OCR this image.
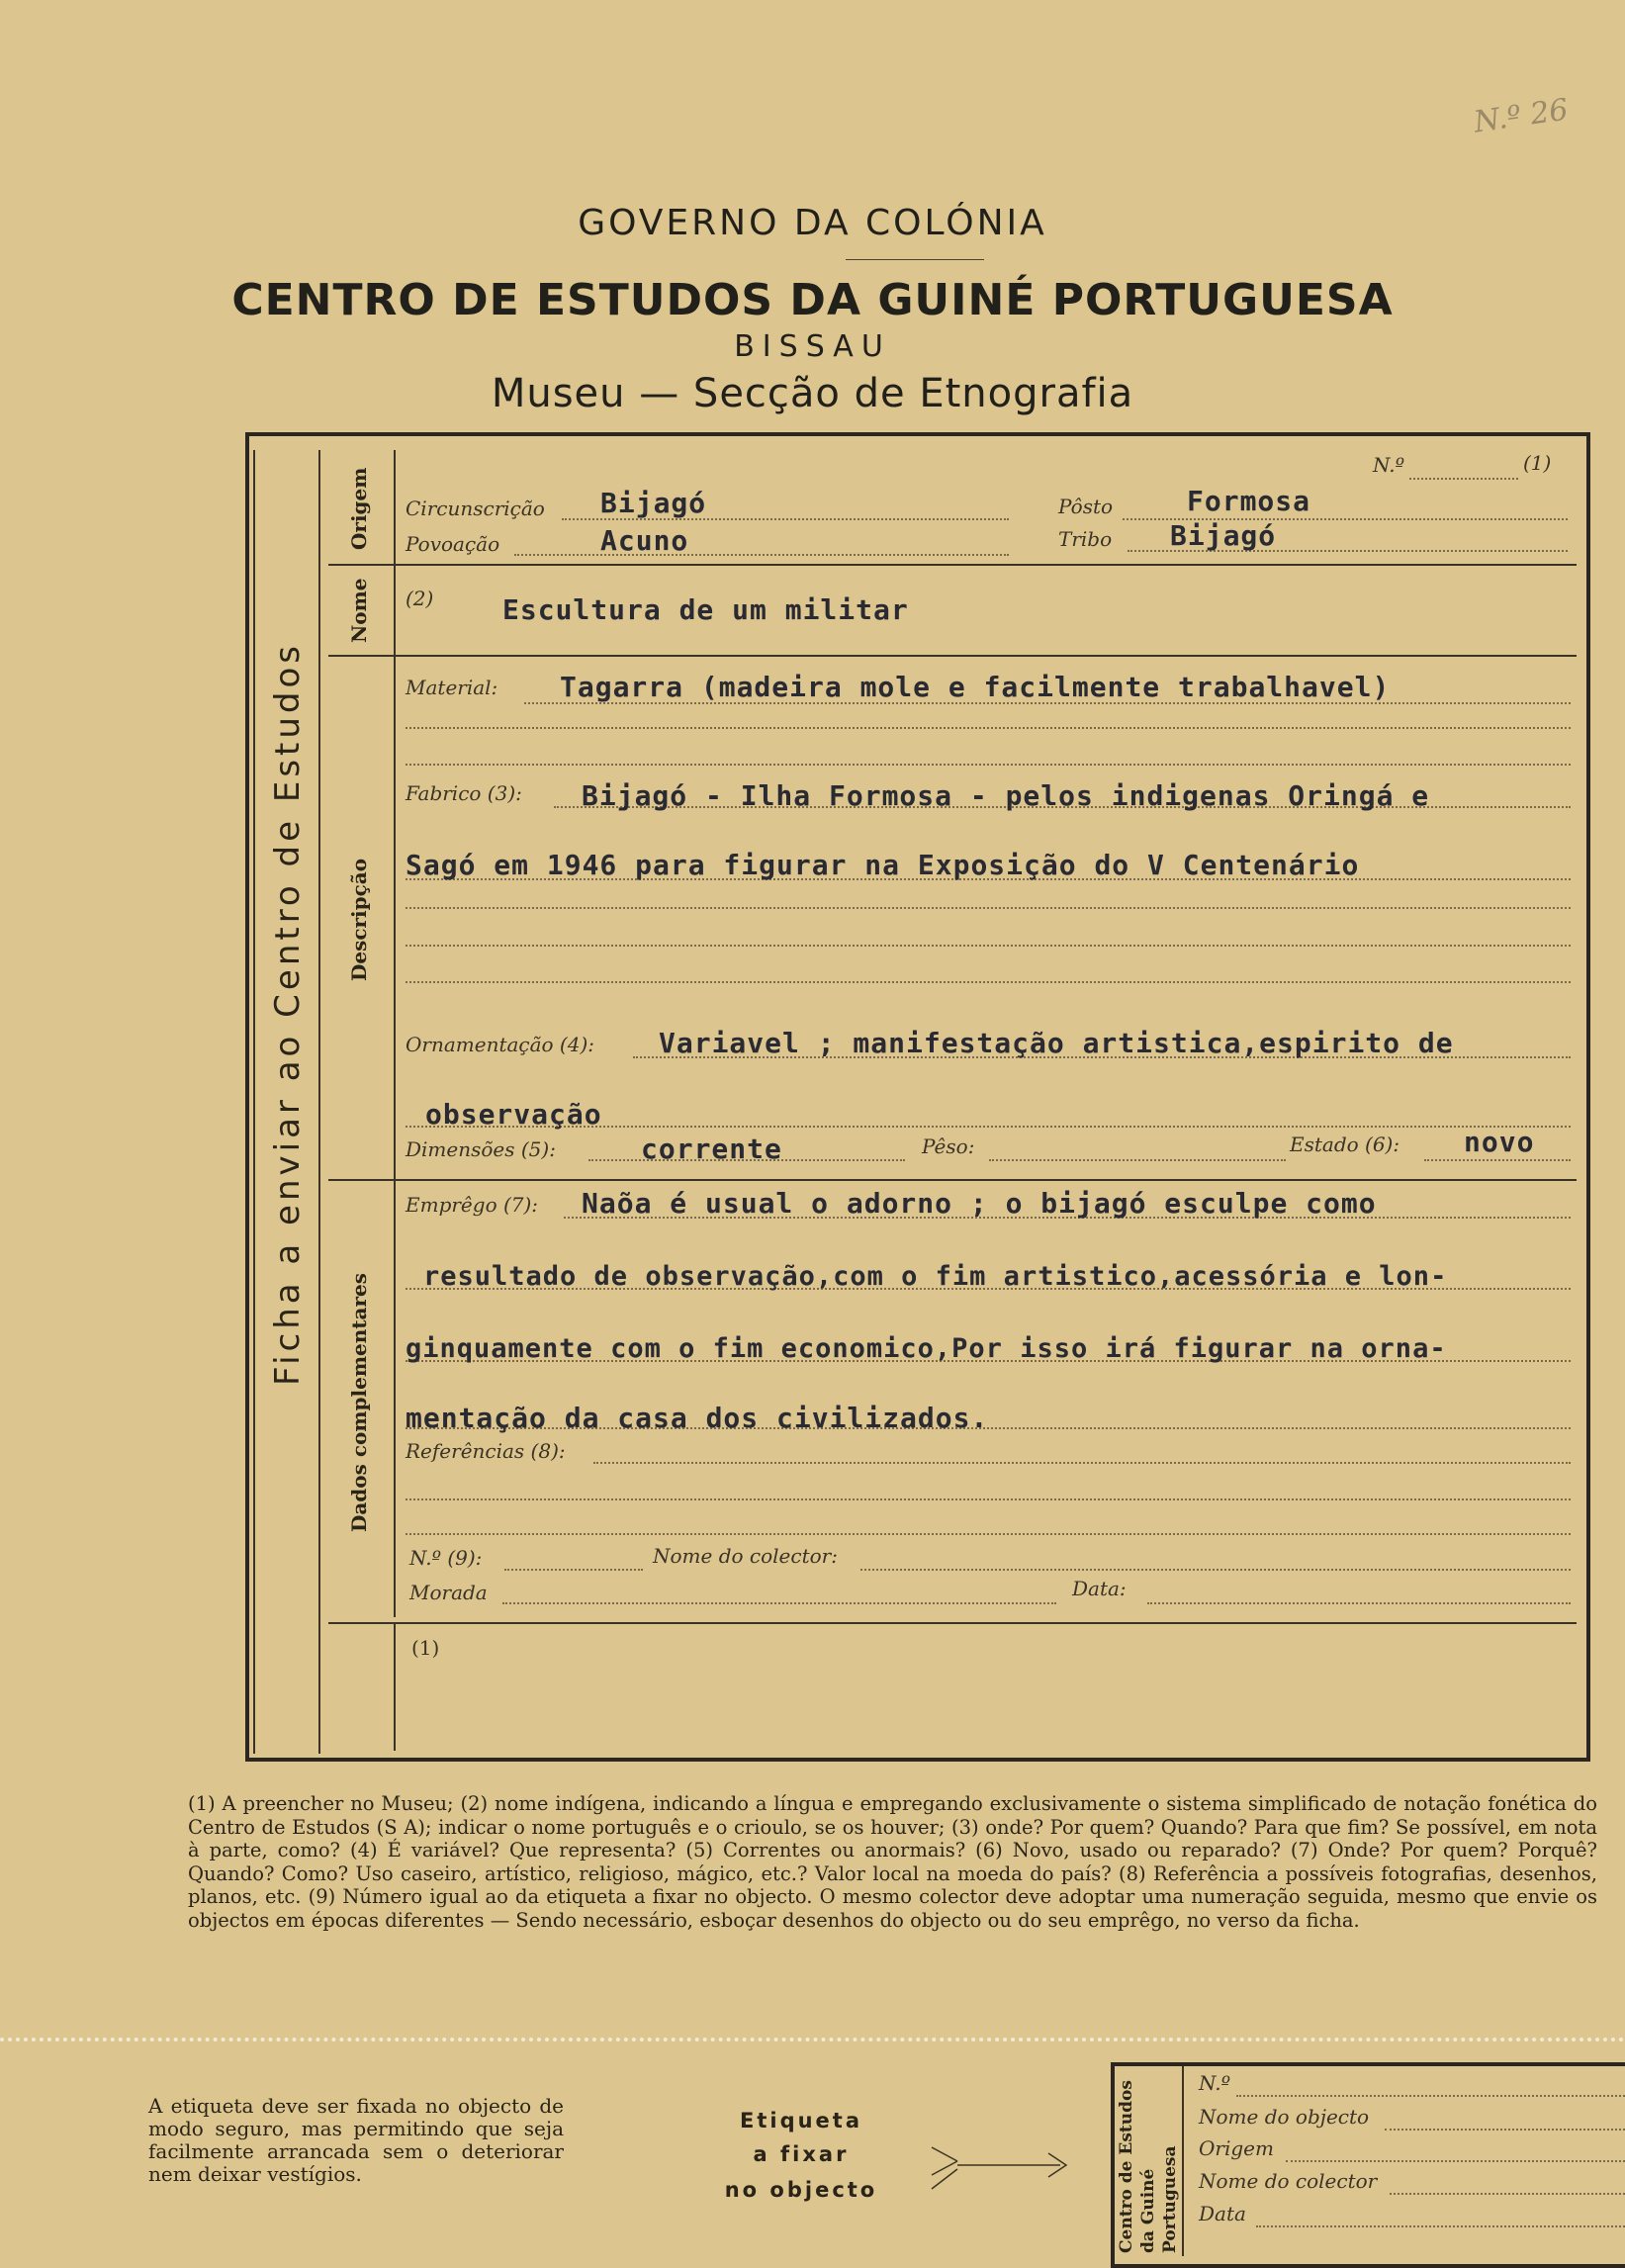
N.º 26
GOVERNO DA COLÓNIA
CENTRO DE ESTUDOS DA GUINÉ PORTUGUESA
BISSAU
Museu — Secção de Etnografia
Ficha a enviar ao Centro de Estudos
Origem
Nome
Descripção
Dados complementares
N.º	(1)
Circunscrição Bijagó	Pôsto	Formosa
Povoação	Acuno	Tribo Bijagó
(2) Escultura de um militar
Material: Tagarra (madeira mole e facilmente trabalhavel)
Fabrico (3): Bijagó - Ilha Formosa - pelos indigenas Oringá e
Sagó em 1946 para figurar na Exposição do V Centenário
Ornamentação (4): Variavel ; manifestação artistica,espirito de
observação
Dimensões (5):	corrente	Pêso:	Estado (6): novo
Emprêgo (7): Naõa é usual o adorno ; o bijagó esculpe como
resultado de observação,com o fim artistico,acessória e lon-
ginquamente com o fim economico,Por isso irá figurar na orna-
mentação da casa dos civilizados.
Referências (8):
N.º (9):	Nome do colector:
Morada	Data:
(1)
(1) A preencher no Museu; (2) nome indígena, indicando a língua e empregando exclusivamente o sistema simplificado de notação fonética do Centro de Estudos (S A); indicar o nome português e o crioulo, se os houver; (3) onde? Por quem? Quando? Para que fim? Se possível, em nota à parte, como? (4) É variável? Que representa? (5) Correntes ou anormais? (6) Novo, usado ou reparado? (7) Onde? Por quem? Porquê? Quando? Como? Uso caseiro, artístico, religioso, mágico, etc.? Valor local na moeda do país? (8) Referência a possíveis fotografias, desenhos, planos, etc. (9) Número igual ao da etiqueta a fixar no objecto. O mesmo colector deve adoptar uma numeração seguida, mesmo que envie os objectos em épocas diferentes — Sendo necessário, esboçar desenhos do objecto ou do seu emprêgo, no verso da ficha.
A etiqueta deve ser fixada no objecto de modo seguro, mas permitindo que seja facilmente arrancada sem o deteriorar nem deixar vestígios.
Etiqueta
a fixar
no objecto	Centro de Estudos da Guiné Portuguesa
N.º
Nome do objecto
Origem
Nome do colector
Data
